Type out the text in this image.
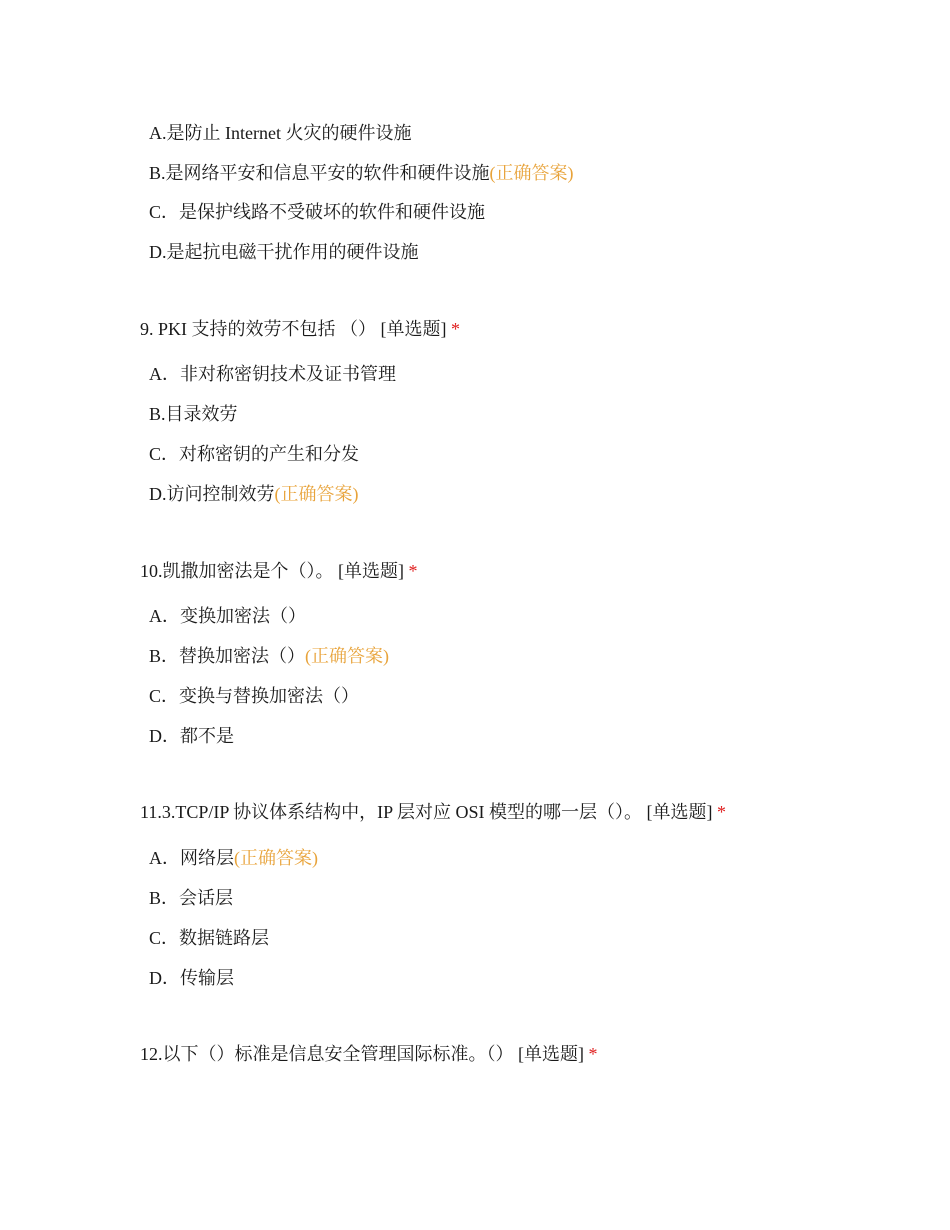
A.是防止 Internet 火灾的硬件设施
B.是网络平安和信息平安的软件和硬件设施(正确答案)
C．是保护线路不受破坏的软件和硬件设施
D.是起抗电磁干扰作用的硬件设施
9. PKI 支持的效劳不包括 （） [单选题] *
A．非对称密钥技术及证书管理
B.目录效劳
C．对称密钥的产生和分发
D.访问控制效劳(正确答案)
10.凯撒加密法是个（）。 [单选题] *
A．变换加密法（）
B．替换加密法（）(正确答案)
C．变换与替换加密法（）
D．都不是
11.3.TCP/IP 协议体系结构中，IP 层对应 OSI 模型的哪一层（）。 [单选题] *
A．网络层(正确答案)
B．会话层
C．数据链路层
D．传输层
12.以下（）标准是信息安全管理国际标准。（） [单选题] *
